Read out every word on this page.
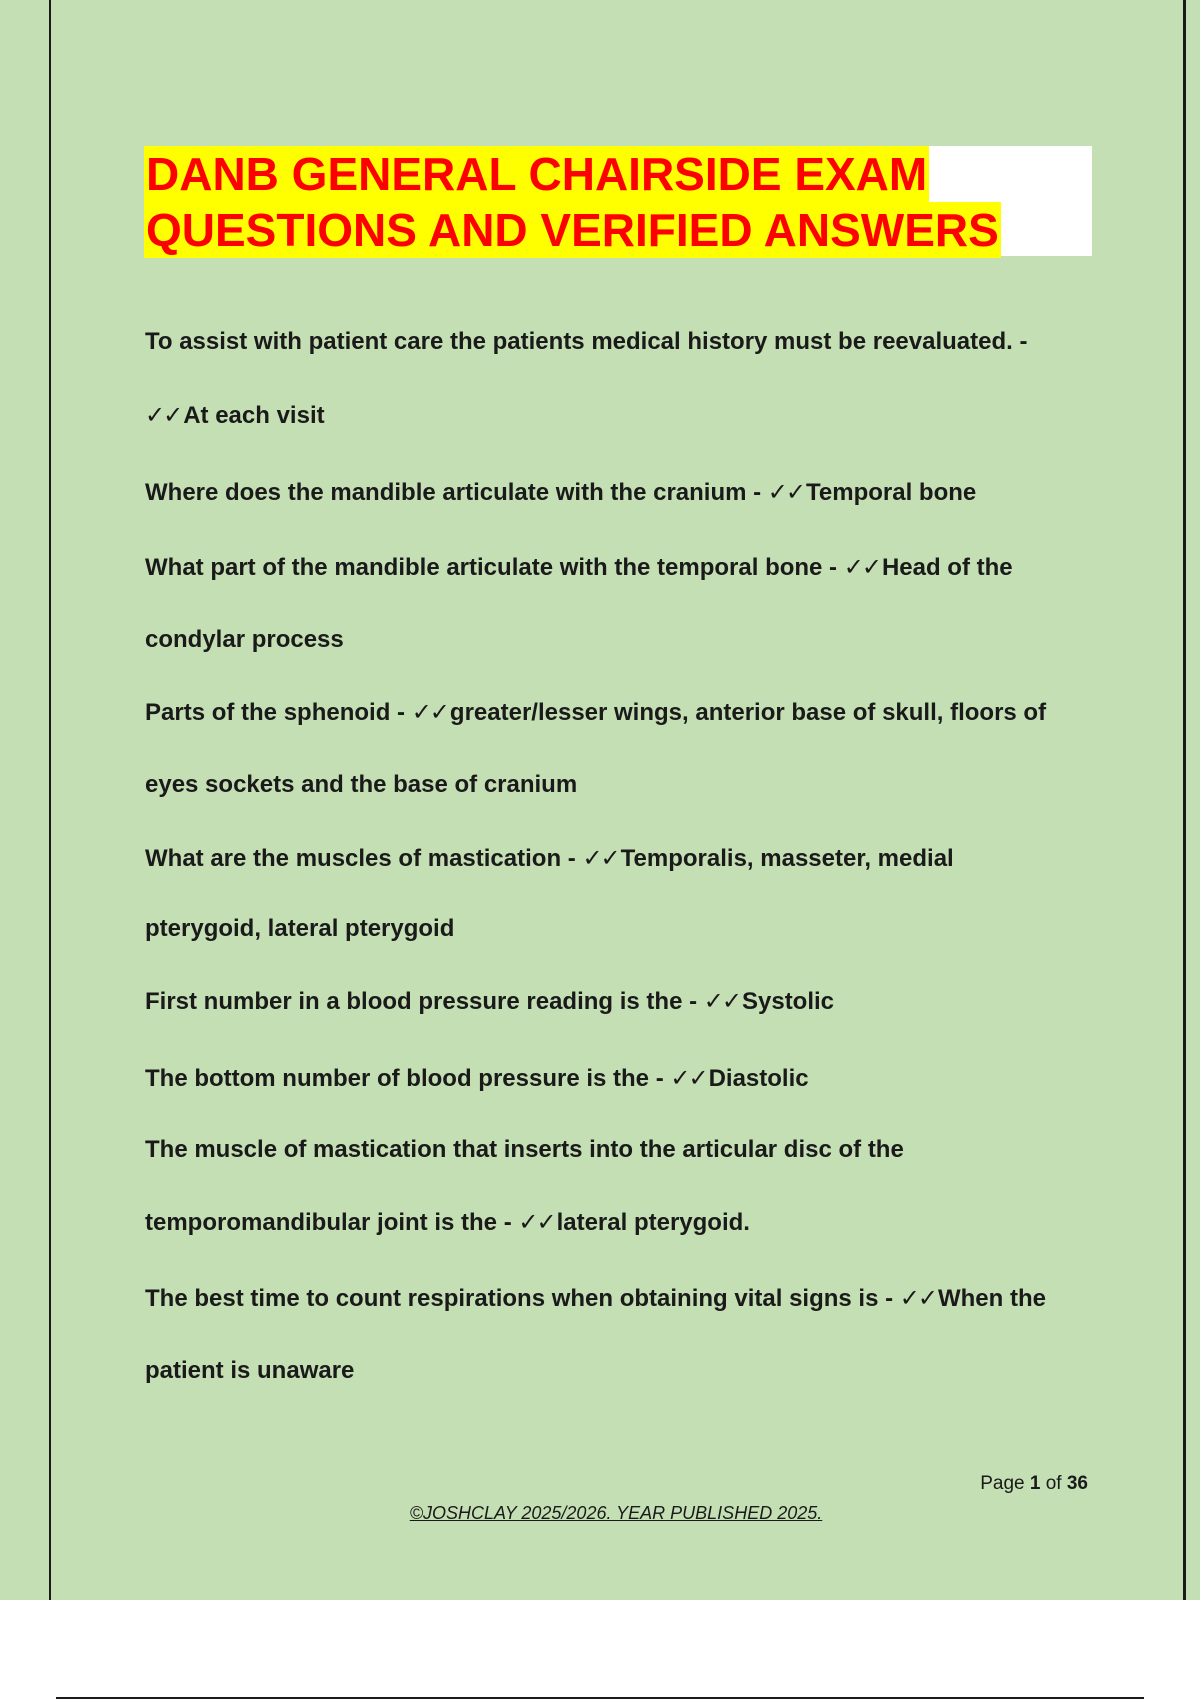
DANB GENERAL CHAIRSIDE EXAM
QUESTIONS AND VERIFIED ANSWERS
To assist with patient care the patients medical history must be reevaluated. -
✓✓At each visit
Where does the mandible articulate with the cranium - ✓✓Temporal bone
What part of the mandible articulate with the temporal bone - ✓✓Head of the
condylar process
Parts of the sphenoid - ✓✓greater/lesser wings, anterior base of skull, floors of
eyes sockets and the base of cranium
What are the muscles of mastication - ✓✓Temporalis, masseter, medial
pterygoid, lateral pterygoid
First number in a blood pressure reading is the - ✓✓Systolic
The bottom number of blood pressure is the - ✓✓Diastolic
The muscle of mastication that inserts into the articular disc of the
temporomandibular joint is the - ✓✓lateral pterygoid.
The best time to count respirations when obtaining vital signs is - ✓✓When the
patient is unaware
Page 1 of 36
©JOSHCLAY 2025/2026. YEAR PUBLISHED 2025.
